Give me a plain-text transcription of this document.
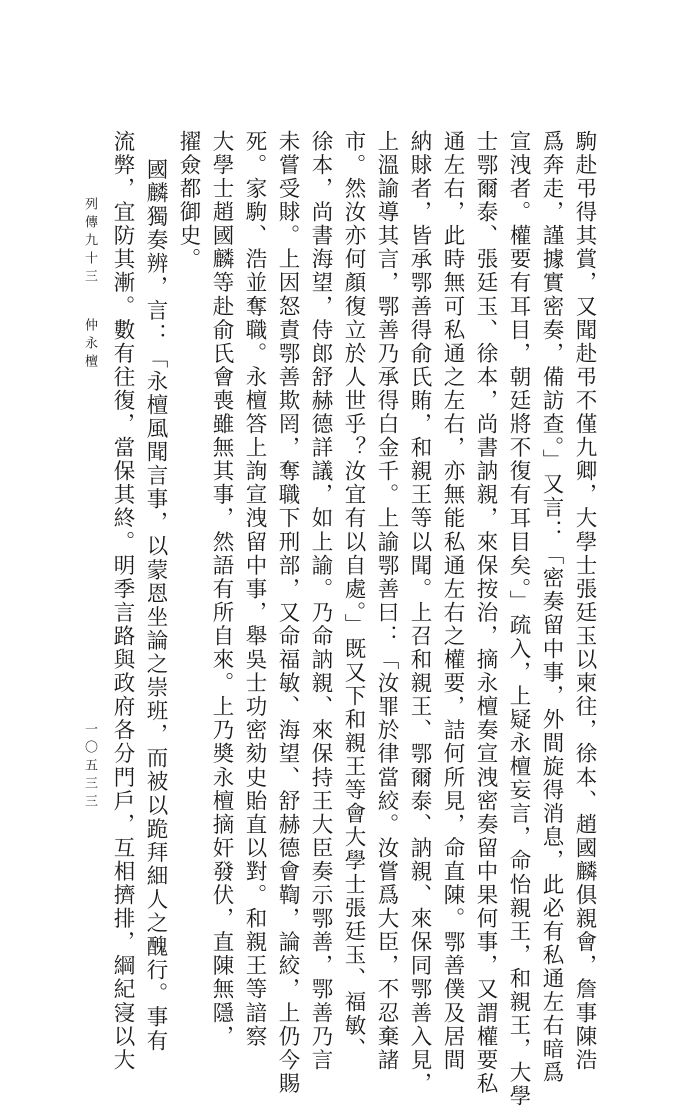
駒赴弔得其賞，又聞赴弔不僅九卿，大學士張廷玉以柬往，徐本、趙國麟俱親會，詹事陳浩
爲奔走，謹據實密奏，備訪查。」又言：「密奏留中事，外間旋得消息，此必有私通左右暗爲
宣洩者。權要有耳目，朝廷將不復有耳目矣。」疏入，上疑永檀妄言，命怡親王，和親王，大學
士鄂爾泰、張廷玉、徐本，尚書訥親，來保按治，摘永檀奏宣洩密奏留中果何事，又謂權要私
通左右，此時無可私通之左右，亦無能私通左右之權要，詰何所見，命直陳。鄂善僕及居間
納賕者，皆承鄂善得俞氏賄，和親王等以聞。上召和親王、鄂爾泰、訥親、來保同鄂善入見，
上溫諭導其言，鄂善乃承得白金千。上諭鄂善曰：「汝罪於律當絞。汝嘗爲大臣，不忍棄諸
市。然汝亦何顏復立於人世乎？汝宜有以自處。」既又下和親王等會大學士張廷玉、福敏、
徐本，尚書海望，侍郎舒赫德詳議，如上諭。乃命訥親、來保持王大臣奏示鄂善，鄂善乃言
未嘗受賕。上因怒責鄂善欺罔，奪職下刑部，又命福敏、海望、舒赫德會鞫，論絞，上仍今賜
死。家駒、浩並奪職。永檀答上詢宣洩留中事，舉吳士功密劾史貽直以對。和親王等諳察
大學士趙國麟等赴俞氏會喪雖無其事，然語有所自來。上乃奬永檀摘奸發伏，直陳無隱，
擢僉都御史。
國麟獨奏辨，言：「永檀風聞言事，以蒙恩坐論之崇班，而被以跪拜細人之醜行。事有
流弊，宜防其漸。數有往復，當保其終。明季言路與政府各分門戶，互相擠排，綱紀寖以大
列傳九十三
仲永檀
一〇五三三
